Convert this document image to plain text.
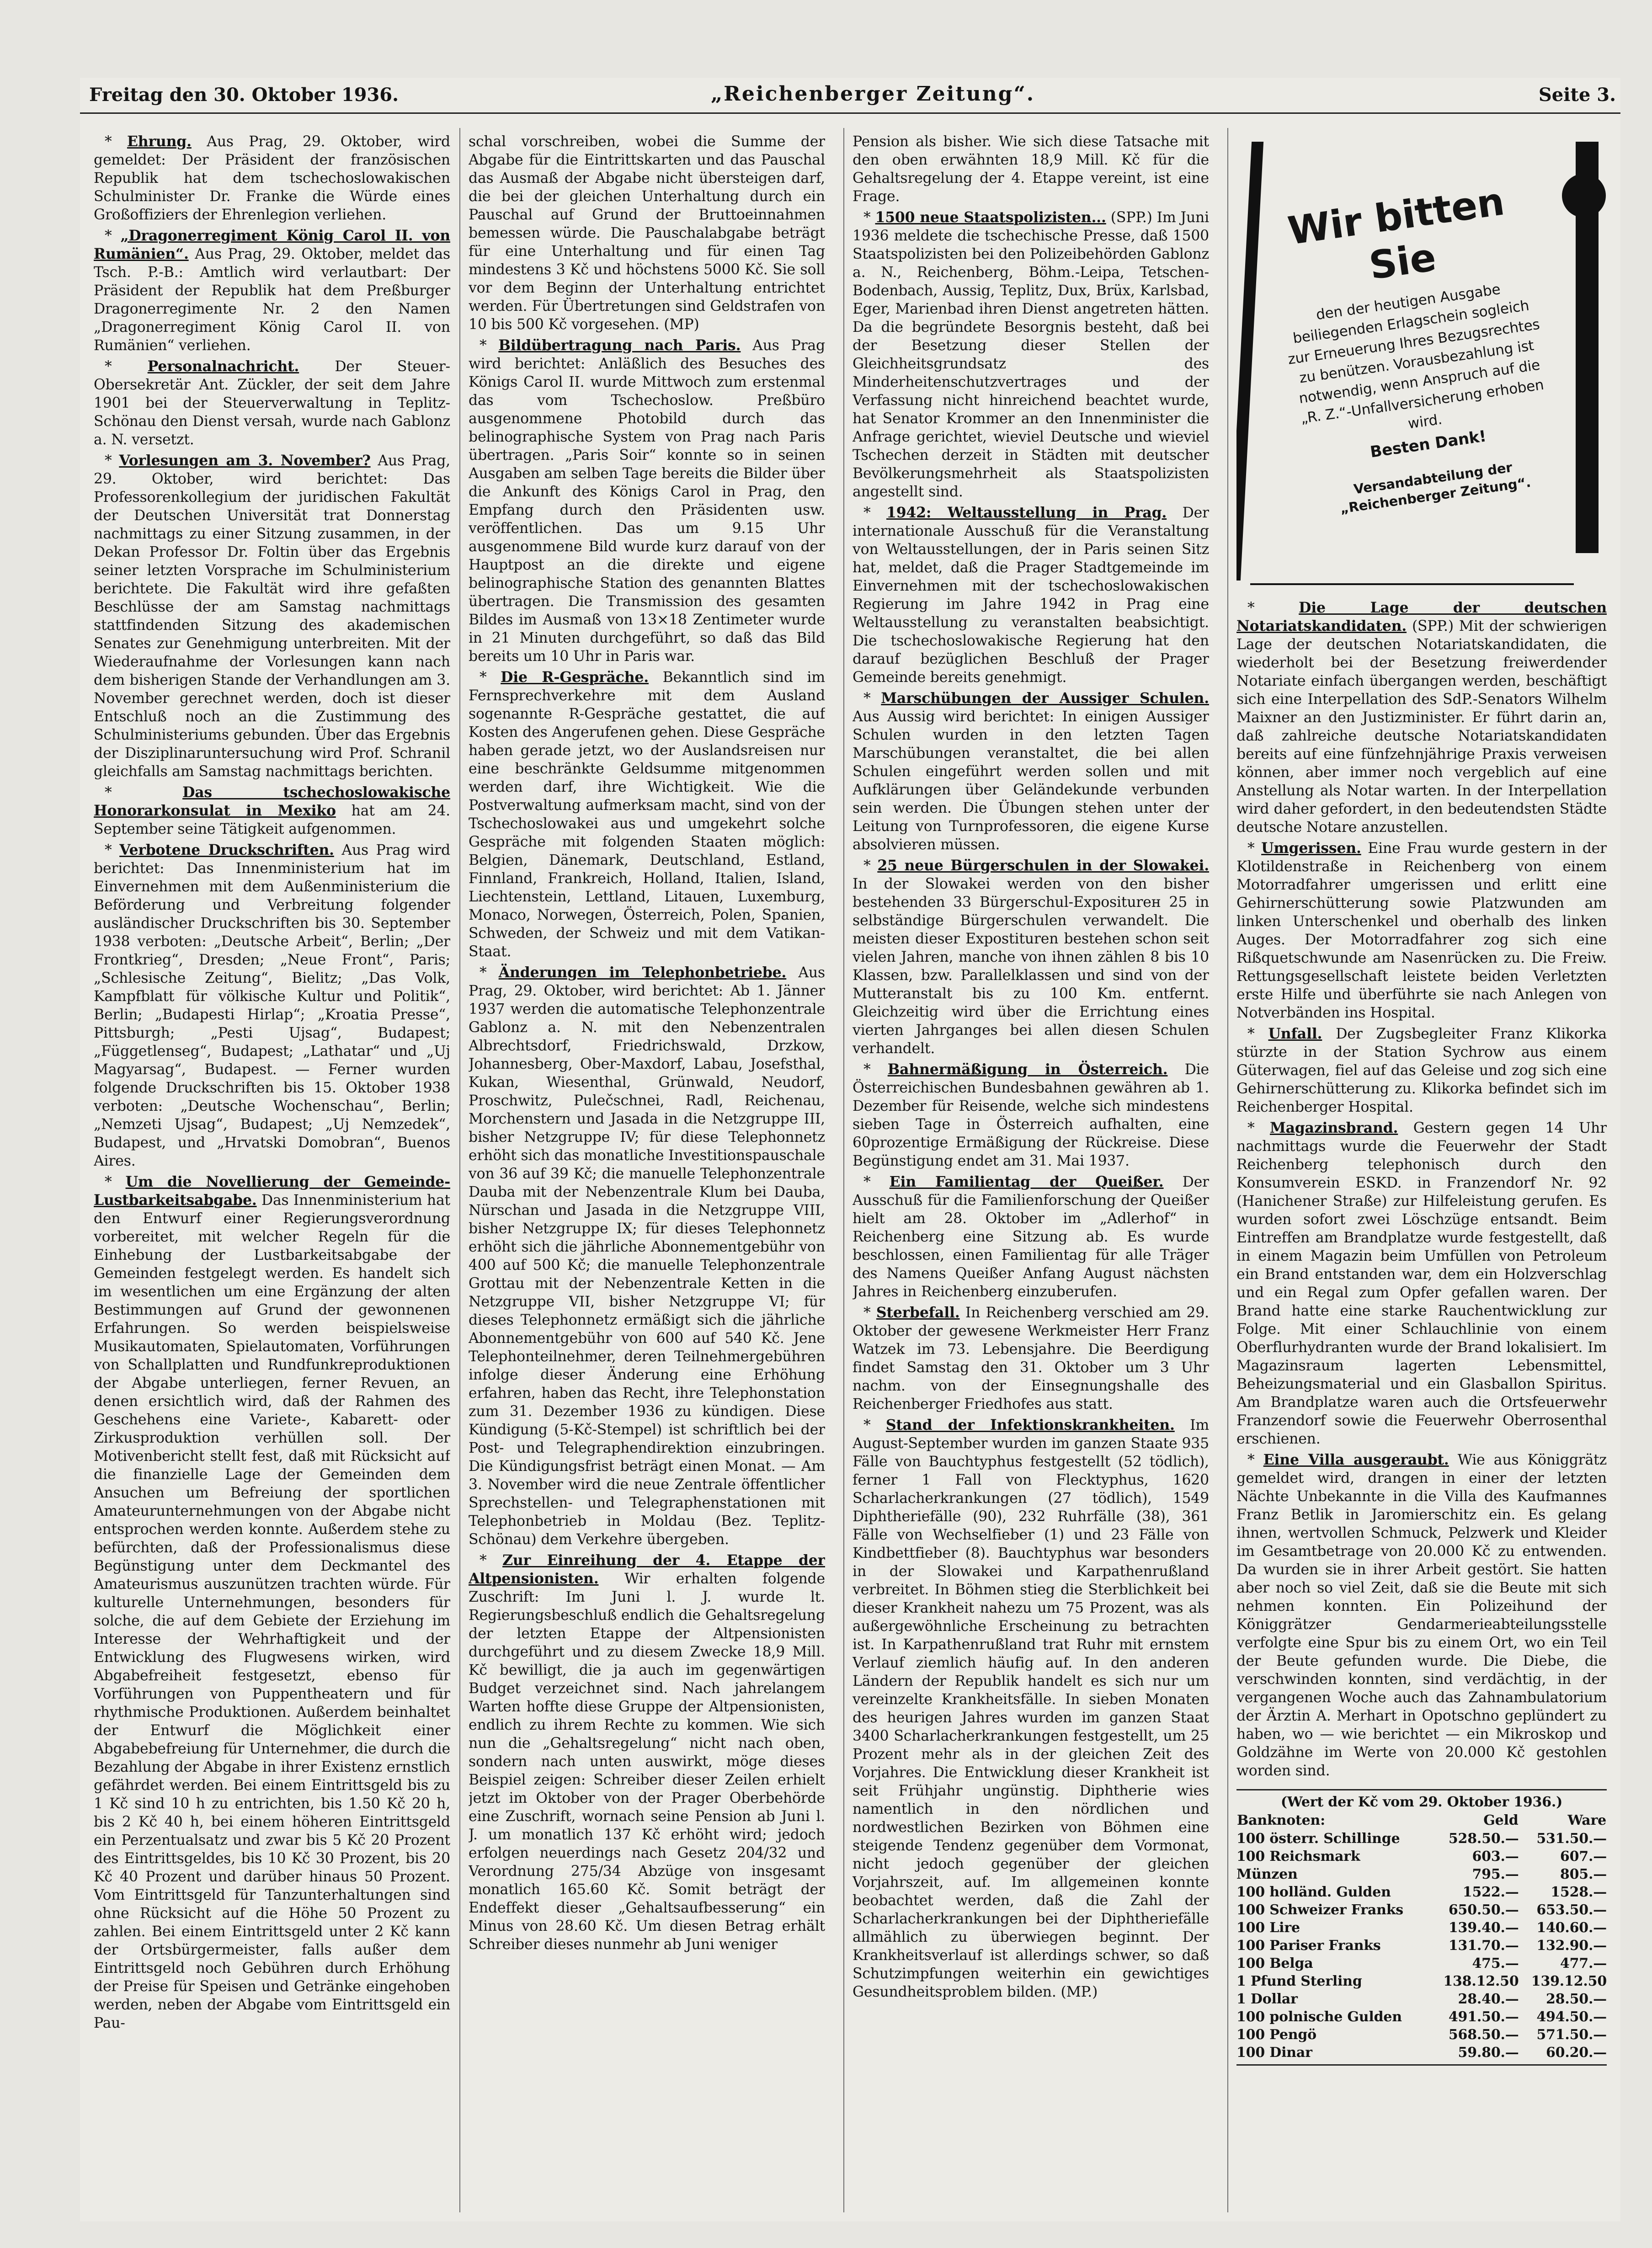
Freitag den 30. Oktober 1936.	„Reichenberger Zeitung“.	Seite 3.

* Ehrung. Aus Prag, 29. Oktober, wird gemeldet: Der Präsident der französischen Republik hat dem tschechoslowakischen Schulminister Dr. Franke die Würde eines Großoffiziers der Ehrenlegion verliehen.

* „Dragonerregiment König Carol II. von Rumänien“. Aus Prag, 29. Oktober, meldet das Tsch. P.-B.: Amtlich wird verlautbart: Der Präsident der Republik hat dem Preßburger Dragonerregimente Nr. 2 den Namen „Dragonerregiment König Carol II. von Rumänien“ verliehen.

* Personalnachricht. Der Steuer-Obersekretär Ant. Zückler, der seit dem Jahre 1901 bei der Steuerverwaltung in Teplitz-Schönau den Dienst versah, wurde nach Gablonz a. N. versetzt.

* Vorlesungen am 3. November? Aus Prag, 29. Oktober, wird berichtet: Das Professorenkollegium der juridischen Fakultät der Deutschen Universität trat Donnerstag nachmittags zu einer Sitzung zusammen, in der Dekan Professor Dr. Foltin über das Ergebnis seiner letzten Vorsprache im Schulministerium berichtete. Die Fakultät wird ihre gefaßten Beschlüsse der am Samstag nachmittags stattfindenden Sitzung des akademischen Senates zur Genehmigung unterbreiten. Mit der Wiederaufnahme der Vorlesungen kann nach dem bisherigen Stande der Verhandlungen am 3. November gerechnet werden, doch ist dieser Entschluß noch an die Zustimmung des Schulministeriums gebunden. Über das Ergebnis der Disziplinaruntersuchung wird Prof. Schranil gleichfalls am Samstag nachmittags berichten.

* Das tschechoslowakische Honorarkonsulat in Mexiko hat am 24. September seine Tätigkeit aufgenommen.

* Verbotene Druckschriften. Aus Prag wird berichtet: Das Innenministerium hat im Einvernehmen mit dem Außenministerium die Beförderung und Verbreitung folgender ausländischer Druckschriften bis 30. September 1938 verboten: „Deutsche Arbeit“, Berlin; „Der Frontkrieg“, Dresden; „Neue Front“, Paris; „Schlesische Zeitung“, Bielitz; „Das Volk, Kampfblatt für völkische Kultur und Politik“, Berlin; „Budapesti Hirlap“; „Kroatia Presse“, Pittsburgh; „Pesti Ujsag“, Budapest; „Függetlenseg“, Budapest; „Lathatar“ und „Uj Magyarsag“, Budapest. — Ferner wurden folgende Druckschriften bis 15. Oktober 1938 verboten: „Deutsche Wochenschau“, Berlin; „Nemzeti Ujsag“, Budapest; „Uj Nemzedek“, Budapest, und „Hrvatski Domobran“, Buenos Aires.

* Um die Novellierung der Gemeinde-Lustbarkeitsabgabe. Das Innenministerium hat den Entwurf einer Regierungsverordnung vorbereitet, mit welcher Regeln für die Einhebung der Lustbarkeitsabgabe der Gemeinden festgelegt werden. Es handelt sich im wesentlichen um eine Ergänzung der alten Bestimmungen auf Grund der gewonnenen Erfahrungen. So werden beispielsweise Musikautomaten, Spielautomaten, Vorführungen von Schallplatten und Rundfunkreproduktionen der Abgabe unterliegen, ferner Revuen, an denen ersichtlich wird, daß der Rahmen des Geschehens eine Variete-, Kabarett- oder Zirkusproduktion verhüllen soll. Der Motivenbericht stellt fest, daß mit Rücksicht auf die finanzielle Lage der Gemeinden dem Ansuchen um Befreiung der sportlichen Amateurunternehmungen von der Abgabe nicht entsprochen werden konnte. Außerdem stehe zu befürchten, daß der Professionalismus diese Begünstigung unter dem Deckmantel des Amateurismus auszunützen trachten würde. Für kulturelle Unternehmungen, besonders für solche, die auf dem Gebiete der Erziehung im Interesse der Wehrhaftigkeit und der Entwicklung des Flugwesens wirken, wird Abgabefreiheit festgesetzt, ebenso für Vorführungen von Puppentheatern und für rhythmische Produktionen. Außerdem beinhaltet der Entwurf die Möglichkeit einer Abgabebefreiung für Unternehmer, die durch die Bezahlung der Abgabe in ihrer Existenz ernstlich gefährdet werden. Bei einem Eintrittsgeld bis zu 1 Kč sind 10 h zu entrichten, bis 1.50 Kč 20 h, bis 2 Kč 40 h, bei einem höheren Eintrittsgeld ein Perzentualsatz und zwar bis 5 Kč 20 Prozent des Eintrittsgeldes, bis 10 Kč 30 Prozent, bis 20 Kč 40 Prozent und darüber hinaus 50 Prozent. Vom Eintrittsgeld für Tanzunterhaltungen sind ohne Rücksicht auf die Höhe 50 Prozent zu zahlen. Bei einem Eintrittsgeld unter 2 Kč kann der Ortsbürgermeister, falls außer dem Eintrittsgeld noch Gebühren durch Erhöhung der Preise für Speisen und Getränke eingehoben werden, neben der Abgabe vom Eintrittsgeld ein Pau-

schal vorschreiben, wobei die Summe der Abgabe für die Eintrittskarten und das Pauschal das Ausmaß der Abgabe nicht übersteigen darf, die bei der gleichen Unterhaltung durch ein Pauschal auf Grund der Bruttoeinnahmen bemessen würde. Die Pauschalabgabe beträgt für eine Unterhaltung und für einen Tag mindestens 3 Kč und höchstens 5000 Kč. Sie soll vor dem Beginn der Unterhaltung entrichtet werden. Für Übertretungen sind Geldstrafen von 10 bis 500 Kč vorgesehen. (MP)

* Bildübertragung nach Paris. Aus Prag wird berichtet: Anläßlich des Besuches des Königs Carol II. wurde Mittwoch zum erstenmal das vom Tschechoslow. Preßbüro ausgenommene Photobild durch das belinographische System von Prag nach Paris übertragen. „Paris Soir“ konnte so in seinen Ausgaben am selben Tage bereits die Bilder über die Ankunft des Königs Carol in Prag, den Empfang durch den Präsidenten usw. veröffentlichen. Das um 9.15 Uhr ausgenommene Bild wurde kurz darauf von der Hauptpost an die direkte und eigene belinographische Station des genannten Blattes übertragen. Die Transmission des gesamten Bildes im Ausmaß von 13×18 Zentimeter wurde in 21 Minuten durchgeführt, so daß das Bild bereits um 10 Uhr in Paris war.

* Die R-Gespräche. Bekanntlich sind im Fernsprechverkehre mit dem Ausland sogenannte R-Gespräche gestattet, die auf Kosten des Angerufenen gehen. Diese Gespräche haben gerade jetzt, wo der Auslandsreisen nur eine beschränkte Geldsumme mitgenommen werden darf, ihre Wichtigkeit. Wie die Postverwaltung aufmerksam macht, sind von der Tschechoslowakei aus und umgekehrt solche Gespräche mit folgenden Staaten möglich: Belgien, Dänemark, Deutschland, Estland, Finnland, Frankreich, Holland, Italien, Island, Liechtenstein, Lettland, Litauen, Luxemburg, Monaco, Norwegen, Österreich, Polen, Spanien, Schweden, der Schweiz und mit dem Vatikan-Staat.

* Änderungen im Telephonbetriebe. Aus Prag, 29. Oktober, wird berichtet: Ab 1. Jänner 1937 werden die automatische Telephonzentrale Gablonz a. N. mit den Nebenzentralen Albrechtsdorf, Friedrichswald, Drzkow, Johannesberg, Ober-Maxdorf, Labau, Josefsthal, Kukan, Wiesenthal, Grünwald, Neudorf, Proschwitz, Pulečschnei, Radl, Reichenau, Morchenstern und Jasada in die Netzgruppe III, bisher Netzgruppe IV; für diese Telephonnetz erhöht sich das monatliche Investitionspauschale von 36 auf 39 Kč; die manuelle Telephonzentrale Dauba mit der Nebenzentrale Klum bei Dauba, Nürschan und Jasada in die Netzgruppe VIII, bisher Netzgruppe IX; für dieses Telephonnetz erhöht sich die jährliche Abonnementgebühr von 400 auf 500 Kč; die manuelle Telephonzentrale Grottau mit der Nebenzentrale Ketten in die Netzgruppe VII, bisher Netzgruppe VI; für dieses Telephonnetz ermäßigt sich die jährliche Abonnementgebühr von 600 auf 540 Kč. Jene Telephonteilnehmer, deren Teilnehmergebühren infolge dieser Änderung eine Erhöhung erfahren, haben das Recht, ihre Telephonstation zum 31. Dezember 1936 zu kündigen. Diese Kündigung (5-Kč-Stempel) ist schriftlich bei der Post- und Telegraphendirektion einzubringen. Die Kündigungsfrist beträgt einen Monat. — Am 3. November wird die neue Zentrale öffentlicher Sprechstellen- und Telegraphenstationen mit Telephonbetrieb in Moldau (Bez. Teplitz-Schönau) dem Verkehre übergeben.

* Zur Einreihung der 4. Etappe der Altpensionisten. Wir erhalten folgende Zuschrift: Im Juni l. J. wurde lt. Regierungsbeschluß endlich die Gehaltsregelung der letzten Etappe der Altpensionisten durchgeführt und zu diesem Zwecke 18,9 Mill. Kč bewilligt, die ja auch im gegenwärtigen Budget verzeichnet sind. Nach jahrelangem Warten hoffte diese Gruppe der Altpensionisten, endlich zu ihrem Rechte zu kommen. Wie sich nun die „Gehaltsregelung“ nicht nach oben, sondern nach unten auswirkt, möge dieses Beispiel zeigen: Schreiber dieser Zeilen erhielt jetzt im Oktober von der Prager Oberbehörde eine Zuschrift, wornach seine Pension ab Juni l. J. um monatlich 137 Kč erhöht wird; jedoch erfolgen neuerdings nach Gesetz 204/32 und Verordnung 275/34 Abzüge von insgesamt monatlich 165.60 Kč. Somit beträgt der Endeffekt dieser „Gehaltsaufbesserung“ ein Minus von 28.60 Kč. Um diesen Betrag erhält Schreiber dieses nunmehr ab Juni weniger

Pension als bisher. Wie sich diese Tatsache mit den oben erwähnten 18,9 Mill. Kč für die Gehaltsregelung der 4. Etappe vereint, ist eine Frage.

* 1500 neue Staatspolizisten... (SPP.) Im Juni 1936 meldete die tschechische Presse, daß 1500 Staatspolizisten bei den Polizeibehörden Gablonz a. N., Reichenberg, Böhm.-Leipa, Tetschen-Bodenbach, Aussig, Teplitz, Dux, Brüx, Karlsbad, Eger, Marienbad ihren Dienst angetreten hätten. Da die begründete Besorgnis besteht, daß bei der Besetzung dieser Stellen der Gleichheitsgrundsatz des Minderheitenschutzvertrages und der Verfassung nicht hinreichend beachtet wurde, hat Senator Krommer an den Innenminister die Anfrage gerichtet, wieviel Deutsche und wieviel Tschechen derzeit in Städten mit deutscher Bevölkerungsmehrheit als Staatspolizisten angestellt sind.

* 1942: Weltausstellung in Prag. Der internationale Ausschuß für die Veranstaltung von Weltausstellungen, der in Paris seinen Sitz hat, meldet, daß die Prager Stadtgemeinde im Einvernehmen mit der tschechoslowakischen Regierung im Jahre 1942 in Prag eine Weltausstellung zu veranstalten beabsichtigt. Die tschechoslowakische Regierung hat den darauf bezüglichen Beschluß der Prager Gemeinde bereits genehmigt.

* Marschübungen der Aussiger Schulen. Aus Aussig wird berichtet: In einigen Aussiger Schulen wurden in den letzten Tagen Marschübungen veranstaltet, die bei allen Schulen eingeführt werden sollen und mit Aufklärungen über Geländekunde verbunden sein werden. Die Übungen stehen unter der Leitung von Turnprofessoren, die eigene Kurse absolvieren müssen.

* 25 neue Bürgerschulen in der Slowakei. In der Slowakei werden von den bisher bestehenden 33 Bürgerschul-Expositurен 25 in selbständige Bürgerschulen verwandelt. Die meisten dieser Expostituren bestehen schon seit vielen Jahren, manche von ihnen zählen 8 bis 10 Klassen, bzw. Parallelklassen und sind von der Mutteranstalt bis zu 100 Km. entfernt. Gleichzeitig wird über die Errichtung eines vierten Jahrganges bei allen diesen Schulen verhandelt.

* Bahnermäßigung in Österreich. Die Österreichischen Bundesbahnen gewähren ab 1. Dezember für Reisende, welche sich mindestens sieben Tage in Österreich aufhalten, eine 60prozentige Ermäßigung der Rückreise. Diese Begünstigung endet am 31. Mai 1937.

* Ein Familientag der Queißer. Der Ausschuß für die Familienforschung der Queißer hielt am 28. Oktober im „Adlerhof“ in Reichenberg eine Sitzung ab. Es wurde beschlossen, einen Familientag für alle Träger des Namens Queißer Anfang August nächsten Jahres in Reichenberg einzuberufen.

* Sterbefall. In Reichenberg verschied am 29. Oktober der gewesene Werkmeister Herr Franz Watzek im 73. Lebensjahre. Die Beerdigung findet Samstag den 31. Oktober um 3 Uhr nachm. von der Einsegnungshalle des Reichenberger Friedhofes aus statt.

* Stand der Infektionskrankheiten. Im August-September wurden im ganzen Staate 935 Fälle von Bauchtyphus festgestellt (52 tödlich), ferner 1 Fall von Flecktyphus, 1620 Scharlacherkrankungen (27 tödlich), 1549 Diphtheriefälle (90), 232 Ruhrfälle (38), 361 Fälle von Wechselfieber (1) und 23 Fälle von Kindbettfieber (8). Bauchtyphus war besonders in der Slowakei und Karpathenrußland verbreitet. In Böhmen stieg die Sterblichkeit bei dieser Krankheit nahezu um 75 Prozent, was als außergewöhnliche Erscheinung zu betrachten ist. In Karpathenrußland trat Ruhr mit ernstem Verlauf ziemlich häufig auf. In den anderen Ländern der Republik handelt es sich nur um vereinzelte Krankheitsfälle. In sieben Monaten des heurigen Jahres wurden im ganzen Staat 3400 Scharlacherkrankungen festgestellt, um 25 Prozent mehr als in der gleichen Zeit des Vorjahres. Die Entwicklung dieser Krankheit ist seit Frühjahr ungünstig. Diphtherie wies namentlich in den nördlichen und nordwestlichen Bezirken von Böhmen eine steigende Tendenz gegenüber dem Vormonat, nicht jedoch gegenüber der gleichen Vorjahrszeit, auf. Im allgemeinen konnte beobachtet werden, daß die Zahl der Scharlacherkrankungen bei der Diphtheriefälle allmählich zu überwiegen beginnt. Der Krankheitsverlauf ist allerdings schwer, so daß Schutzimpfungen weiterhin ein gewichtiges Gesundheitsproblem bilden. (MP.)

Wir bitten Sie
den der heutigen Ausgabe beiliegenden Erlagschein sogleich zur Erneuerung Ihres Bezugsrechtes zu benützen. Vorausbezahlung ist notwendig, wenn Anspruch auf die „R. Z.“-Unfallversicherung erhoben wird.
Besten Dank!
Versandabteilung der „Reichenberger Zeitung“.

* Die Lage der deutschen Notariatskandidaten. (SPP.) Mit der schwierigen Lage der deutschen Notariatskandidaten, die wiederholt bei der Besetzung freiwerdender Notariate einfach übergangen werden, beschäftigt sich eine Interpellation des SdP.-Senators Wilhelm Maixner an den Justizminister. Er führt darin an, daß zahlreiche deutsche Notariatskandidaten bereits auf eine fünfzehnjährige Praxis verweisen können, aber immer noch vergeblich auf eine Anstellung als Notar warten. In der Interpellation wird daher gefordert, in den bedeutendsten Städte deutsche Notare anzustellen.

* Umgerissen. Eine Frau wurde gestern in der Klotildenstraße in Reichenberg von einem Motorradfahrer umgerissen und erlitt eine Gehirnerschütterung sowie Platzwunden am linken Unterschenkel und oberhalb des linken Auges. Der Motorradfahrer zog sich eine Rißquetschwunde am Nasenrücken zu. Die Freiw. Rettungsgesellschaft leistete beiden Verletzten erste Hilfe und überführte sie nach Anlegen von Notverbänden ins Hospital.

* Unfall. Der Zugsbegleiter Franz Klikorka stürzte in der Station Sychrow aus einem Güterwagen, fiel auf das Geleise und zog sich eine Gehirnerschütterung zu. Klikorka befindet sich im Reichenberger Hospital.

* Magazinsbrand. Gestern gegen 14 Uhr nachmittags wurde die Feuerwehr der Stadt Reichenberg telephonisch durch den Konsumverein ESKD. in Franzendorf Nr. 92 (Hanichener Straße) zur Hilfeleistung gerufen. Es wurden sofort zwei Löschzüge entsandt. Beim Eintreffen am Brandplatze wurde festgestellt, daß in einem Magazin beim Umfüllen von Petroleum ein Brand entstanden war, dem ein Holzverschlag und ein Regal zum Opfer gefallen waren. Der Brand hatte eine starke Rauchentwicklung zur Folge. Mit einer Schlauchlinie von einem Oberflurhydranten wurde der Brand lokalisiert. Im Magazinsraum lagerten Lebensmittel, Beheizungsmaterial und ein Glasballon Spiritus. Am Brandplatze waren auch die Ortsfeuerwehr Franzendorf sowie die Feuerwehr Oberrosenthal erschienen.

* Eine Villa ausgeraubt. Wie aus Königgrätz gemeldet wird, drangen in einer der letzten Nächte Unbekannte in die Villa des Kaufmannes Franz Betlik in Jaromierschitz ein. Es gelang ihnen, wertvollen Schmuck, Pelzwerk und Kleider im Gesamtbetrage von 20.000 Kč zu entwenden. Da wurden sie in ihrer Arbeit gestört. Sie hatten aber noch so viel Zeit, daß sie die Beute mit sich nehmen konnten. Ein Polizeihund der Königgrätzer Gendarmerieabteilungsstelle verfolgte eine Spur bis zu einem Ort, wo ein Teil der Beute gefunden wurde. Die Diebe, die verschwinden konnten, sind verdächtig, in der vergangenen Woche auch das Zahnambulatorium der Ärztin A. Merhart in Opotschno geplündert zu haben, wo — wie berichtet — ein Mikroskop und Goldzähne im Werte von 20.000 Kč gestohlen worden sind.

(Wert der Kč vom 29. Oktober 1936.)
Banknoten:	Geld	Ware
100 österr. Schillinge	528.50.—	531.50.—
100 Reichsmark	603.—	607.—
Münzen	795.—	805.—
100 holländ. Gulden	1522.—	1528.—
100 Schweizer Franks	650.50.—	653.50.—
100 Lire	139.40.—	140.60.—
100 Pariser Franks	131.70.—	132.90.—
100 Belga	475.—	477.—
1 Pfund Sterling	138.12.50	139.12.50
1 Dollar	28.40.—	28.50.—
100 polnische Gulden	491.50.—	494.50.—
100 Pengö	568.50.—	571.50.—
100 Dinar	59.80.—	60.20.—
